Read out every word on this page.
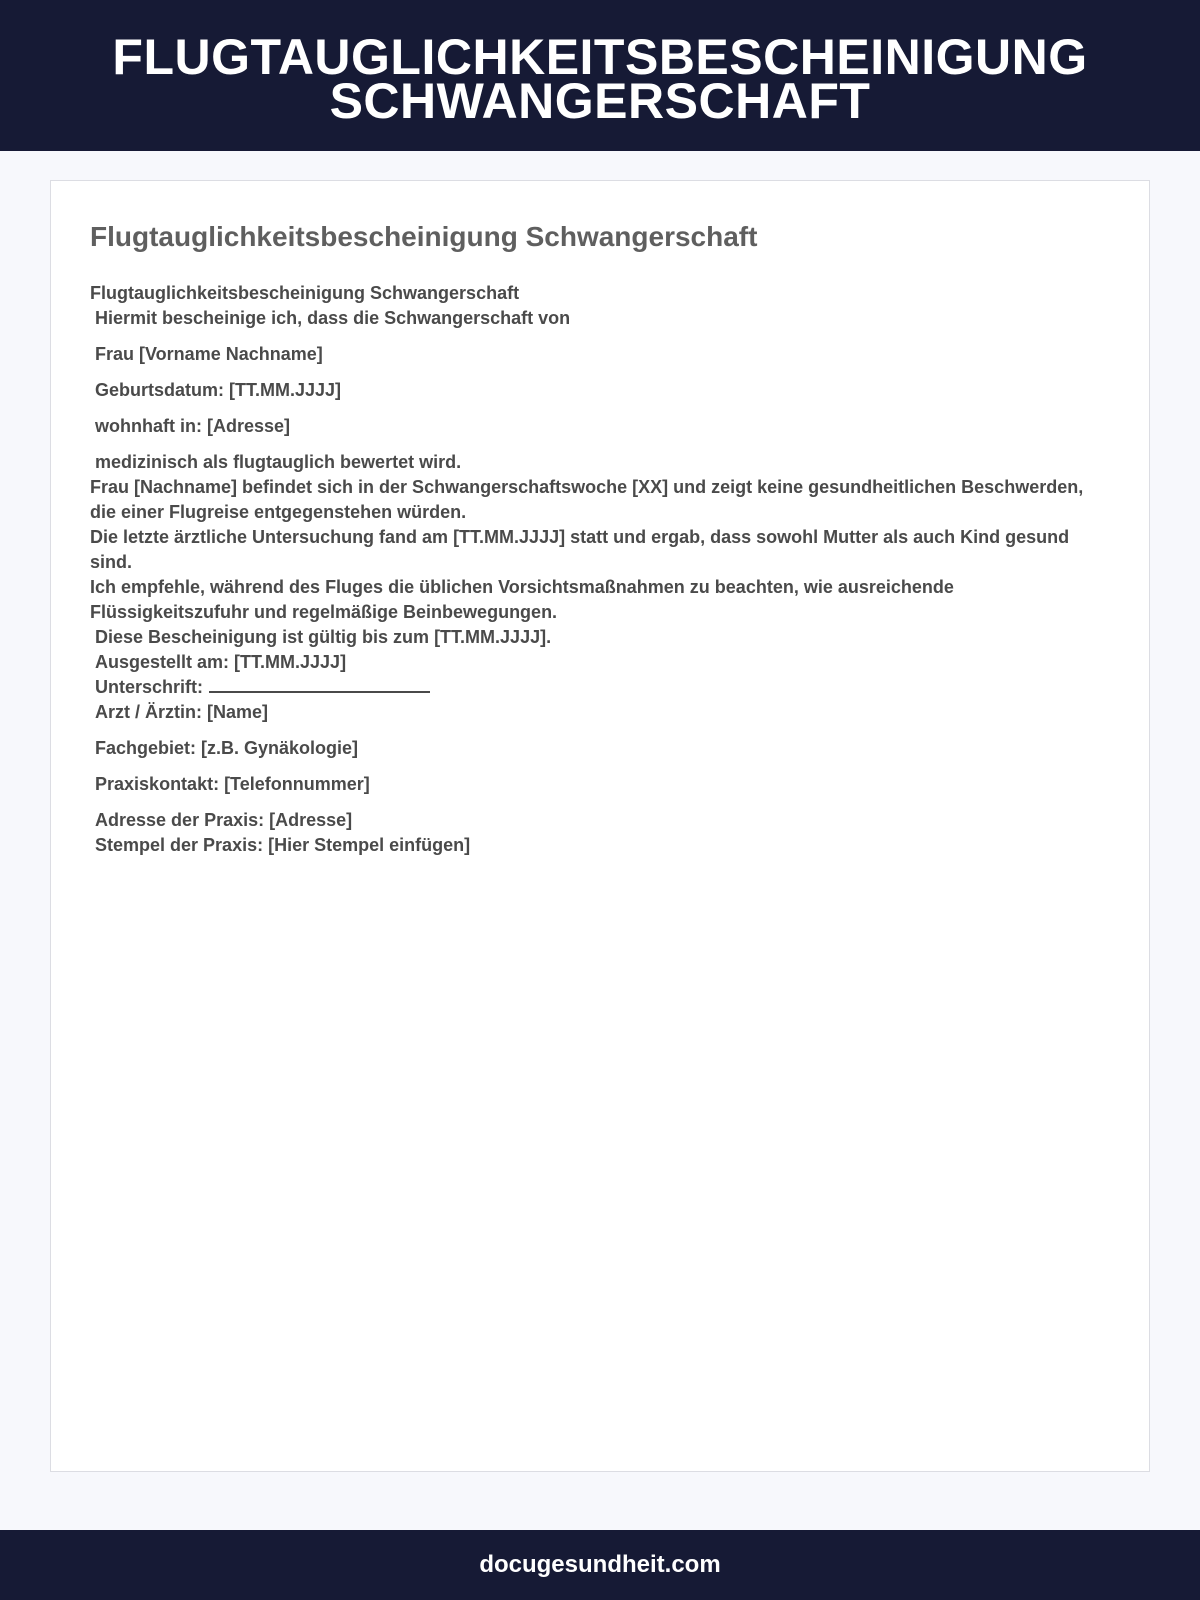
FLUGTAUGLICHKEITSBESCHEINIGUNG SCHWANGERSCHAFT
Flugtauglichkeitsbescheinigung Schwangerschaft
Flugtauglichkeitsbescheinigung Schwangerschaft
Hiermit bescheinige ich, dass die Schwangerschaft von
Frau [Vorname Nachname]
Geburtsdatum: [TT.MM.JJJJ]
wohnhaft in: [Adresse]
medizinisch als flugtauglich bewertet wird.
Frau [Nachname] befindet sich in der Schwangerschaftswoche [XX] und zeigt keine gesundheitlichen Beschwerden, die einer Flugreise entgegenstehen würden.
Die letzte ärztliche Untersuchung fand am [TT.MM.JJJJ] statt und ergab, dass sowohl Mutter als auch Kind gesund sind.
Ich empfehle, während des Fluges die üblichen Vorsichtsmaßnahmen zu beachten, wie ausreichende Flüssigkeitszufuhr und regelmäßige Beinbewegungen.
Diese Bescheinigung ist gültig bis zum [TT.MM.JJJJ].
Ausgestellt am: [TT.MM.JJJJ]
Unterschrift:
Arzt / Ärztin: [Name]
Fachgebiet: [z.B. Gynäkologie]
Praxiskontakt: [Telefonnummer]
Adresse der Praxis: [Adresse]
Stempel der Praxis: [Hier Stempel einfügen]
docugesundheit.com
